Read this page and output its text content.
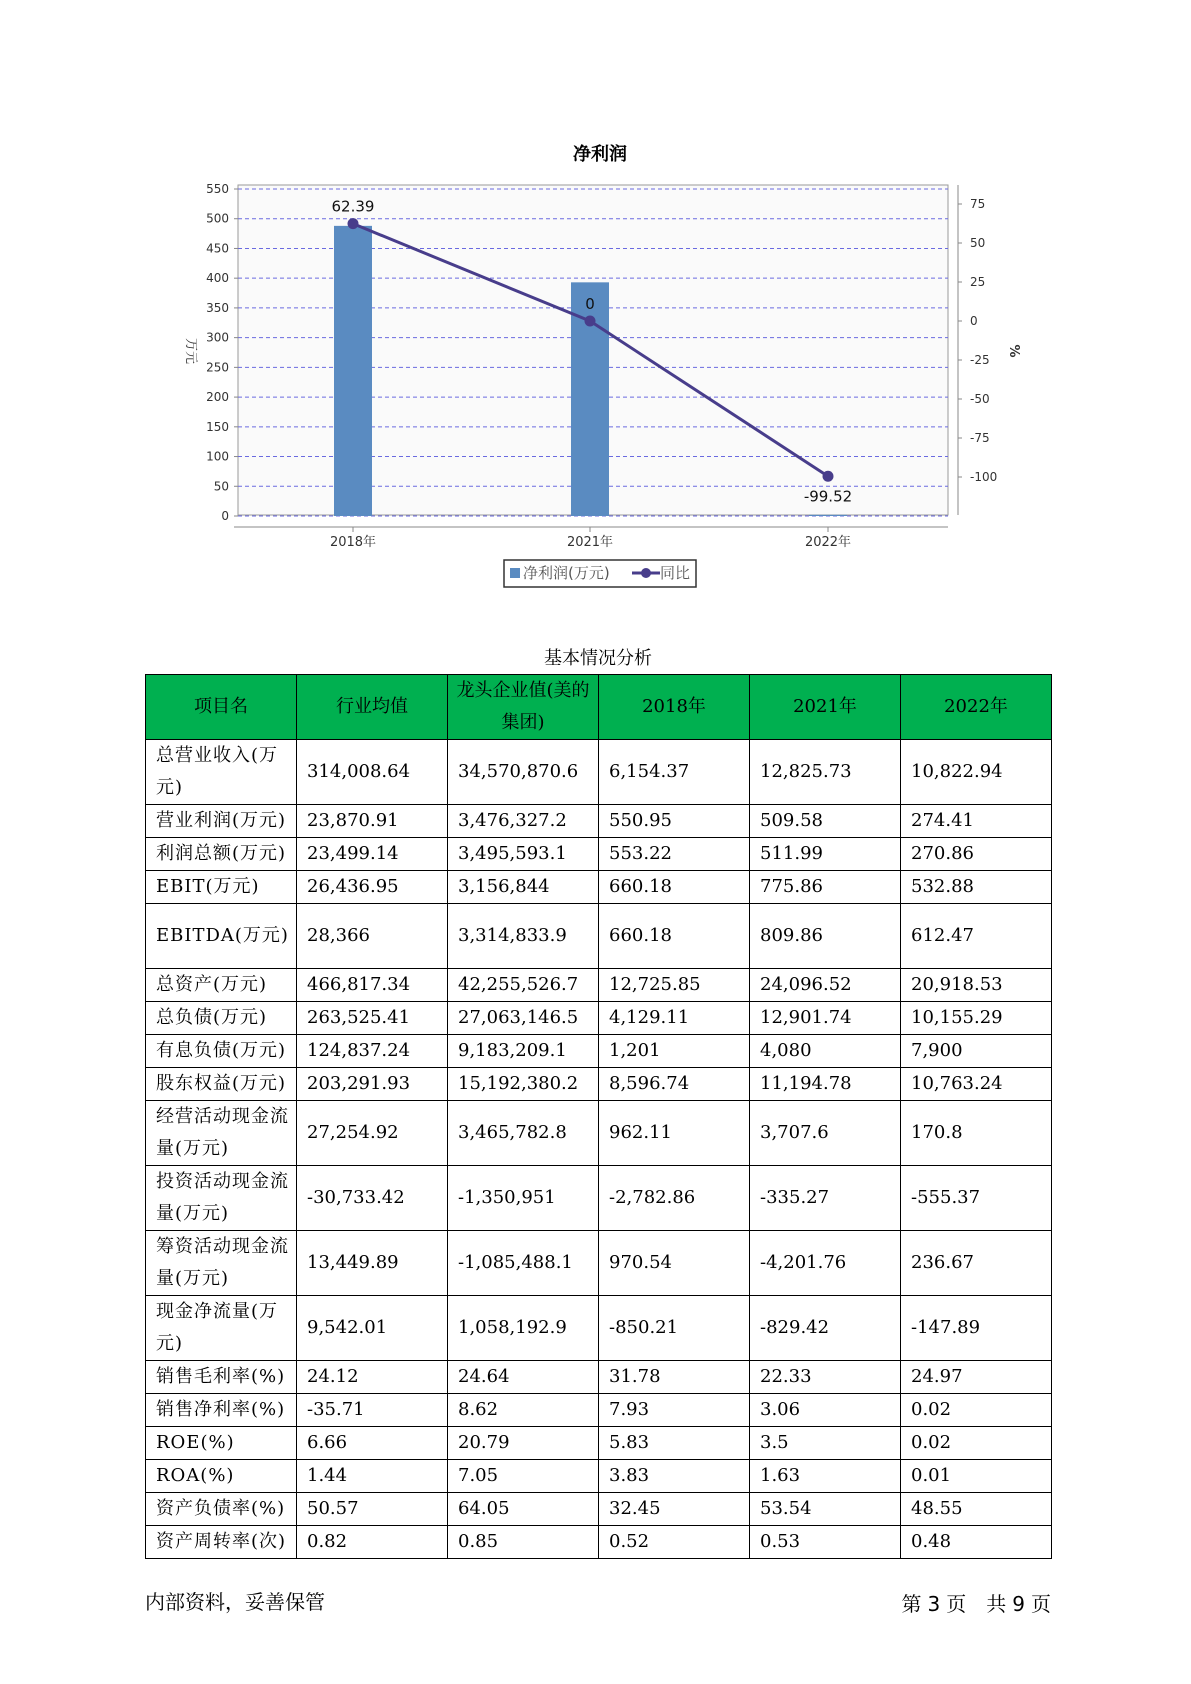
净利润
0
50
100
150
200
250
300
350
400
450
500
550
75
50
25
0
-25
-50
-75
-100
万元	%
62.39
0
-99.52
2018年	2021年	2022年
净利润(万元)	同比
基本情况分析
项目名	行业均值	龙头企业值(美的集团)	2018年	2021年	2022年
总营业收入(万元)	314,008.64	34,570,870.6	6,154.37	12,825.73	10,822.94
营业利润(万元)	23,870.91	3,476,327.2	550.95	509.58	274.41
利润总额(万元)	23,499.14	3,495,593.1	553.22	511.99	270.86
EBIT(万元)	26,436.95	3,156,844	660.18	775.86	532.88
EBITDA(万元)	28,366	3,314,833.9	660.18	809.86	612.47
总资产(万元)	466,817.34	42,255,526.7	12,725.85	24,096.52	20,918.53
总负债(万元)	263,525.41	27,063,146.5	4,129.11	12,901.74	10,155.29
有息负债(万元)	124,837.24	9,183,209.1	1,201	4,080	7,900
股东权益(万元)	203,291.93	15,192,380.2	8,596.74	11,194.78	10,763.24
经营活动现金流量(万元)	27,254.92	3,465,782.8	962.11	3,707.6	170.8
投资活动现金流量(万元)	-30,733.42	-1,350,951	-2,782.86	-335.27	-555.37
筹资活动现金流量(万元)	13,449.89	-1,085,488.1	970.54	-4,201.76	236.67
现金净流量(万元)	9,542.01	1,058,192.9	-850.21	-829.42	-147.89
销售毛利率(%)	24.12	24.64	31.78	22.33	24.97
销售净利率(%)	-35.71	8.62	7.93	3.06	0.02
ROE(%)	6.66	20.79	5.83	3.5	0.02
ROA(%)	1.44	7.05	3.83	1.63	0.01
资产负债率(%)	50.57	64.05	32.45	53.54	48.55
资产周转率(次)	0.82	0.85	0.52	0.53	0.48
内部资料，妥善保管	第 3 页　共 9 页
